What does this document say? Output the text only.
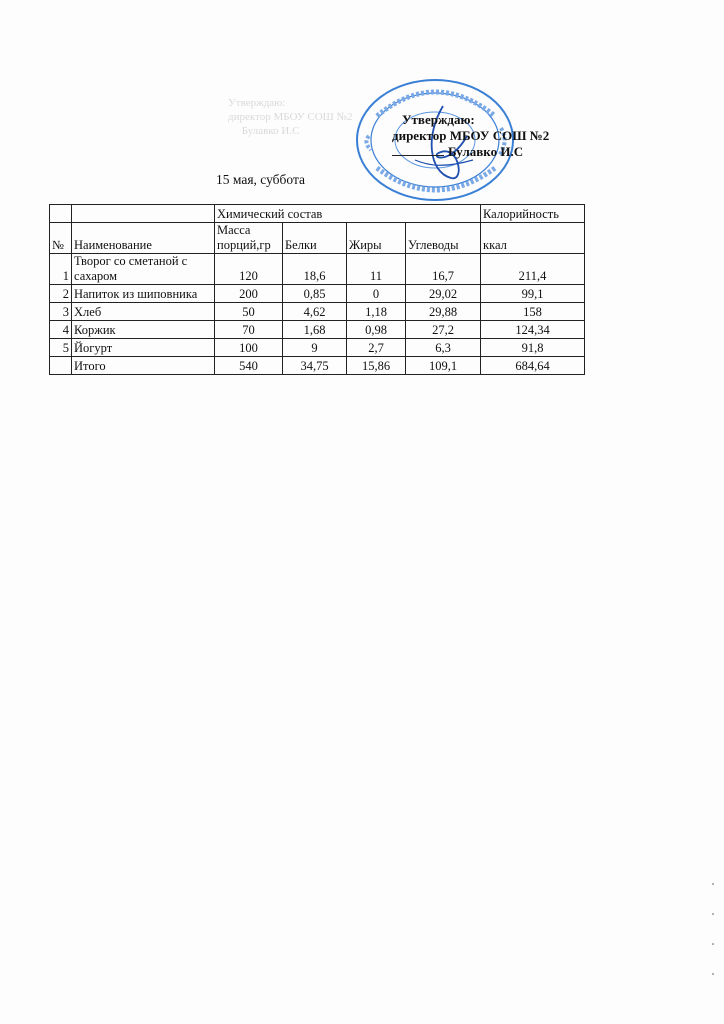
Утверждаю:
директор МБОУ СОШ №2
Булавко И.С
Утверждаю:
директор МБОУ СОШ №2
Булавко И.С
15 мая, суббота
		Химический состав				Калорийность
№	Наименование	Масса порций,гр	Белки	Жиры	Углеводы	ккал
1	Творог со сметаной с сахаром	120	18,6	11	16,7	211,4
2	Напиток из шиповника	200	0,85	0	29,02	99,1
3	Хлеб	50	4,62	1,18	29,88	158
4	Коржик	70	1,68	0,98	27,2	124,34
5	Йогурт	100	9	2,7	6,3	91,8
	Итого	540	34,75	15,86	109,1	684,64
